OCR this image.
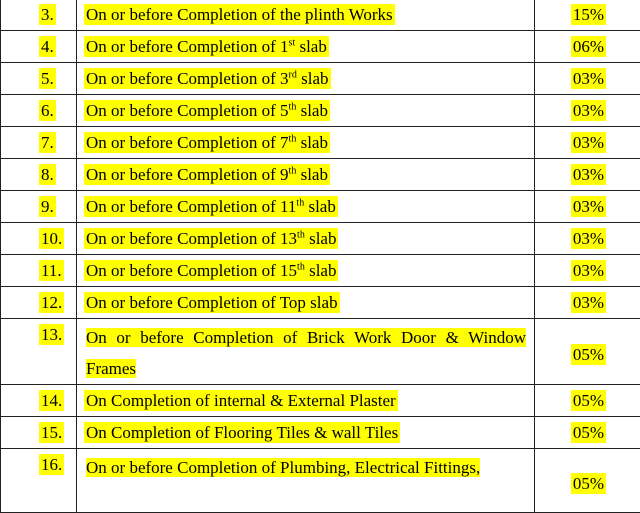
3.	On or before Completion of the plinth Works	15%
4.	On or before Completion of 1st slab	06%
5.	On or before Completion of 3rd slab	03%
6.	On or before Completion of 5th slab	03%
7.	On or before Completion of 7th slab	03%
8.	On or before Completion of 9th slab	03%
9.	On or before Completion of 11th slab	03%
10.	On or before Completion of 13th slab	03%
11.	On or before Completion of 15th slab	03%
12.	On or before Completion of Top slab	03%
13.	On or before Completion of Brick Work Door & Window Frames	05%
14.	On Completion of internal & External Plaster	05%
15.	On Completion of Flooring Tiles & wall Tiles	05%
16.	On or before Completion of Plumbing, Electrical Fittings,	05%
